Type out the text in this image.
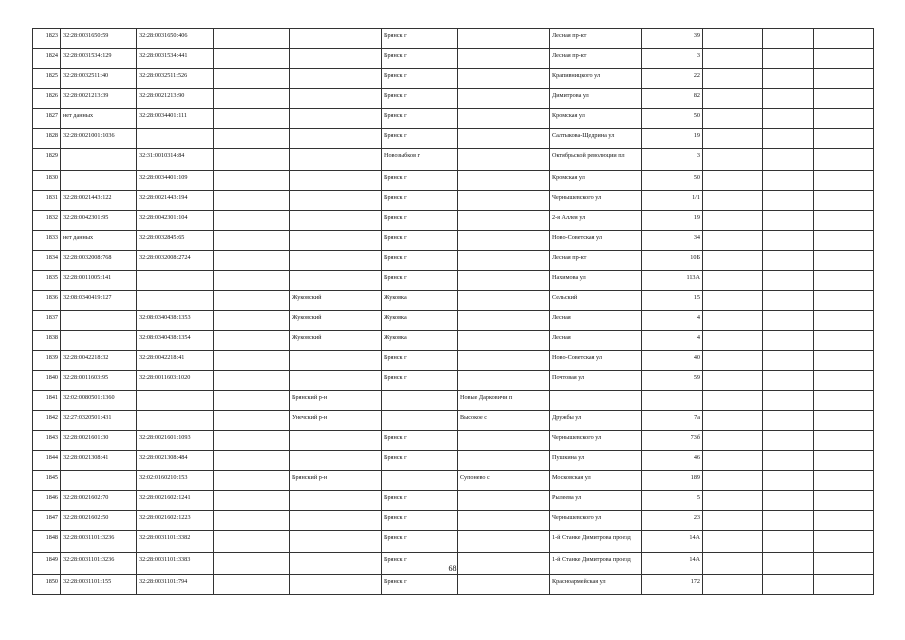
1823	32:28:0031650:59	32:28:0031650:406			Брянск г		Лесная пр-кт	39			
1824	32:28:0031534:129	32:28:0031534:441			Брянск г		Лесная пр-кт	3			
1825	32:28:0032511:40	32:28:0032511:526			Брянск г		Крапивницкого ул	22			
1826	32:28:0021213:39	32:28:0021213:90			Брянск г		Димитрова ул	82			
1827	нет данных	32:28:0034401:111			Брянск г		Кромская ул	50			
1828	32:28:0021001:1036				Брянск г		Салтыкова-Щедрина ул	19			
1829		32:31:0010314:84			Новозыбков г		Октябрьской революции пл	3			
1830		32:28:0034401:109			Брянск г		Кромская ул	50			
1831	32:28:0021443:122	32:28:0021443:194			Брянск г		Чернышевского ул	1/1			
1832	32:28:0042301:95	32:28:0042301:104			Брянск г		2-я Аллея ул	19			
1833	нет данных	32:28:0032845:65			Брянск г		Ново-Советская ул	34			
1834	32:28:0032008:768	32:28:0032008:2724			Брянск г		Лесная пр-кт	10Б			
1835	32:28:0011005:141				Брянск г		Нахимова ул	113А			
1836	32:08:0340419:127			Жуковский	Жуковка		Сельский	15			
1837		32:08:0340438:1353		Жуковский	Жуковка		Лесная	4			
1838		32:08:0340438:1354		Жуковский	Жуковка		Лесная	4			
1839	32:28:0042218:32	32:28:0042218:41			Брянск г		Ново-Советская ул	40			
1840	32:28:0011603:95	32:28:0011603:1020			Брянск г		Почтовая ул	59			
1841	32:02:0080501:1360			Брянский р-н		Новые Дарковичи п					
1842	32:27:0320501:431			Унечский р-н		Высокое с	Дружбы ул	7а			
1843	32:28:0021601:30	32:28:0021601:1093			Брянск г		Чернышевского ул	73б			
1844	32:28:0021308:41	32:28:0021308:484			Брянск г		Пушкина ул	46			
1845		32:02:0160210:153		Брянский р-н		Супонево с	Московская ул	189			
1846	32:28:0021602:70	32:28:0021602:1241			Брянск г		Рылеева ул	5			
1847	32:28:0021602:50	32:28:0021602:1223			Брянск г		Чернышевского ул	23			
1848	32:28:0031101:3236	32:28:0031101:3382			Брянск г		1-й Станке Димитрова проезд	14А			
1849	32:28:0031101:3236	32:28:0031101:3383			Брянск г		1-й Станке Димитрова проезд	14А			
1850	32:28:0031101:155	32:28:0031101:794			Брянск г		Красноармейская ул	172			
68
